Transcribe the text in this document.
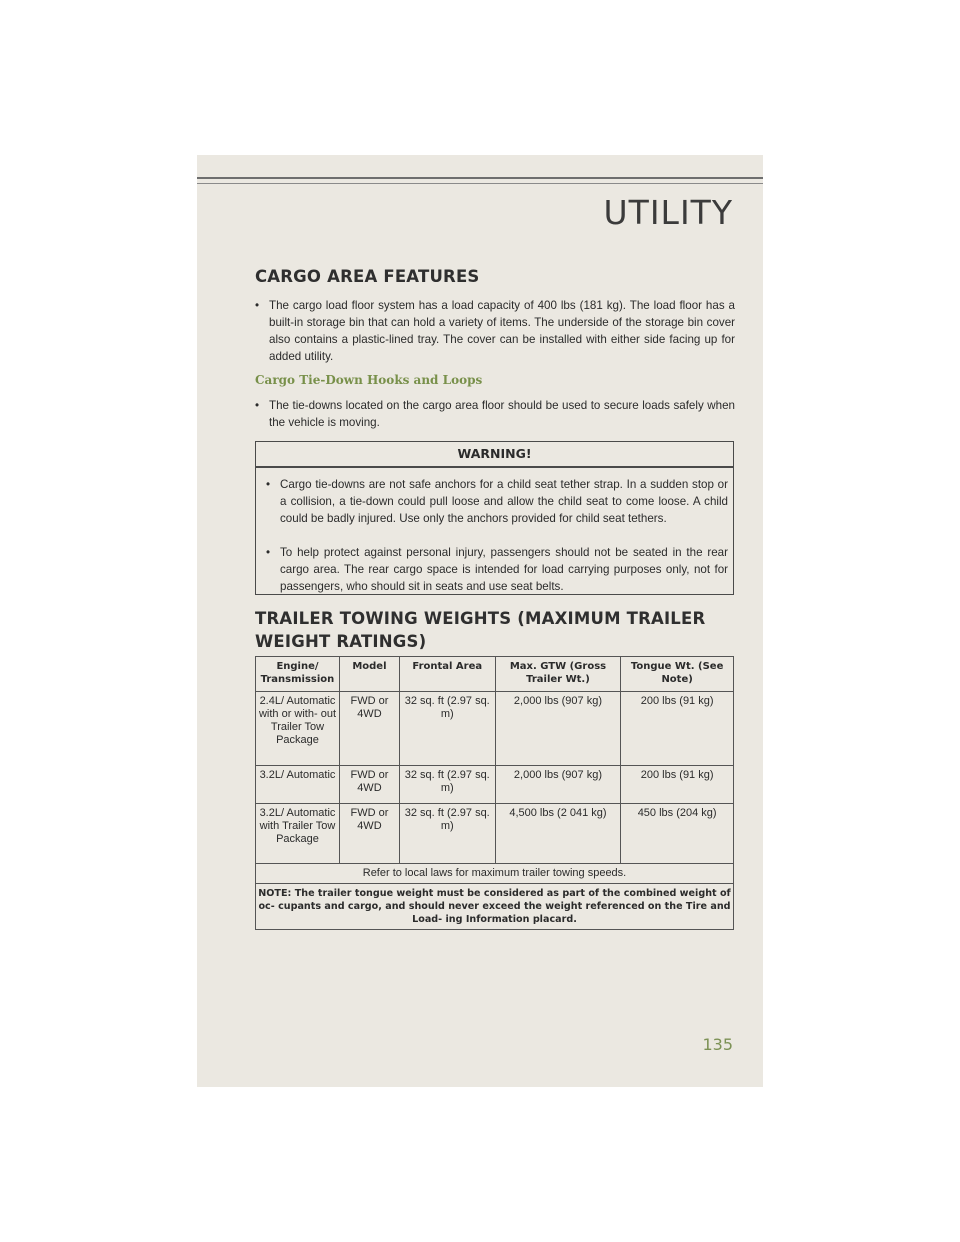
UTILITY
CARGO AREA FEATURES
• The cargo load floor system has a load capacity of 400 lbs (181 kg). The load floor has a built-in storage bin that can hold a variety of items. The underside of the storage bin cover also contains a plastic-lined tray. The cover can be installed with either side facing up for added utility.
Cargo Tie-Down Hooks and Loops
• The tie-downs located on the cargo area floor should be used to secure loads safely when the vehicle is moving.
WARNING!
• Cargo tie-downs are not safe anchors for a child seat tether strap. In a sudden stop or a collision, a tie-down could pull loose and allow the child seat to come loose. A child could be badly injured. Use only the anchors provided for child seat tethers.
• To help protect against personal injury, passengers should not be seated in the rear cargo area. The rear cargo space is intended for load carrying purposes only, not for passengers, who should sit in seats and use seat belts.
TRAILER TOWING WEIGHTS (MAXIMUM TRAILER
WEIGHT RATINGS)
Engine/ Transmission	Model	Frontal Area	Max. GTW (Gross Trailer Wt.)	Tongue Wt. (See Note)
2.4L/ Automatic with or with- out Trailer Tow Package	FWD or 4WD	32 sq. ft (2.97 sq. m)	2,000 lbs (907 kg)	200 lbs (91 kg)
3.2L/ Automatic	FWD or 4WD	32 sq. ft (2.97 sq. m)	2,000 lbs (907 kg)	200 lbs (91 kg)
3.2L/ Automatic with Trailer Tow Package	FWD or 4WD	32 sq. ft (2.97 sq. m)	4,500 lbs (2 041 kg)	450 lbs (204 kg)
Refer to local laws for maximum trailer towing speeds.				
NOTE: The trailer tongue weight must be considered as part of the combined weight of oc- cupants and cargo, and should never exceed the weight referenced on the Tire and Load- ing Information placard.				
135
